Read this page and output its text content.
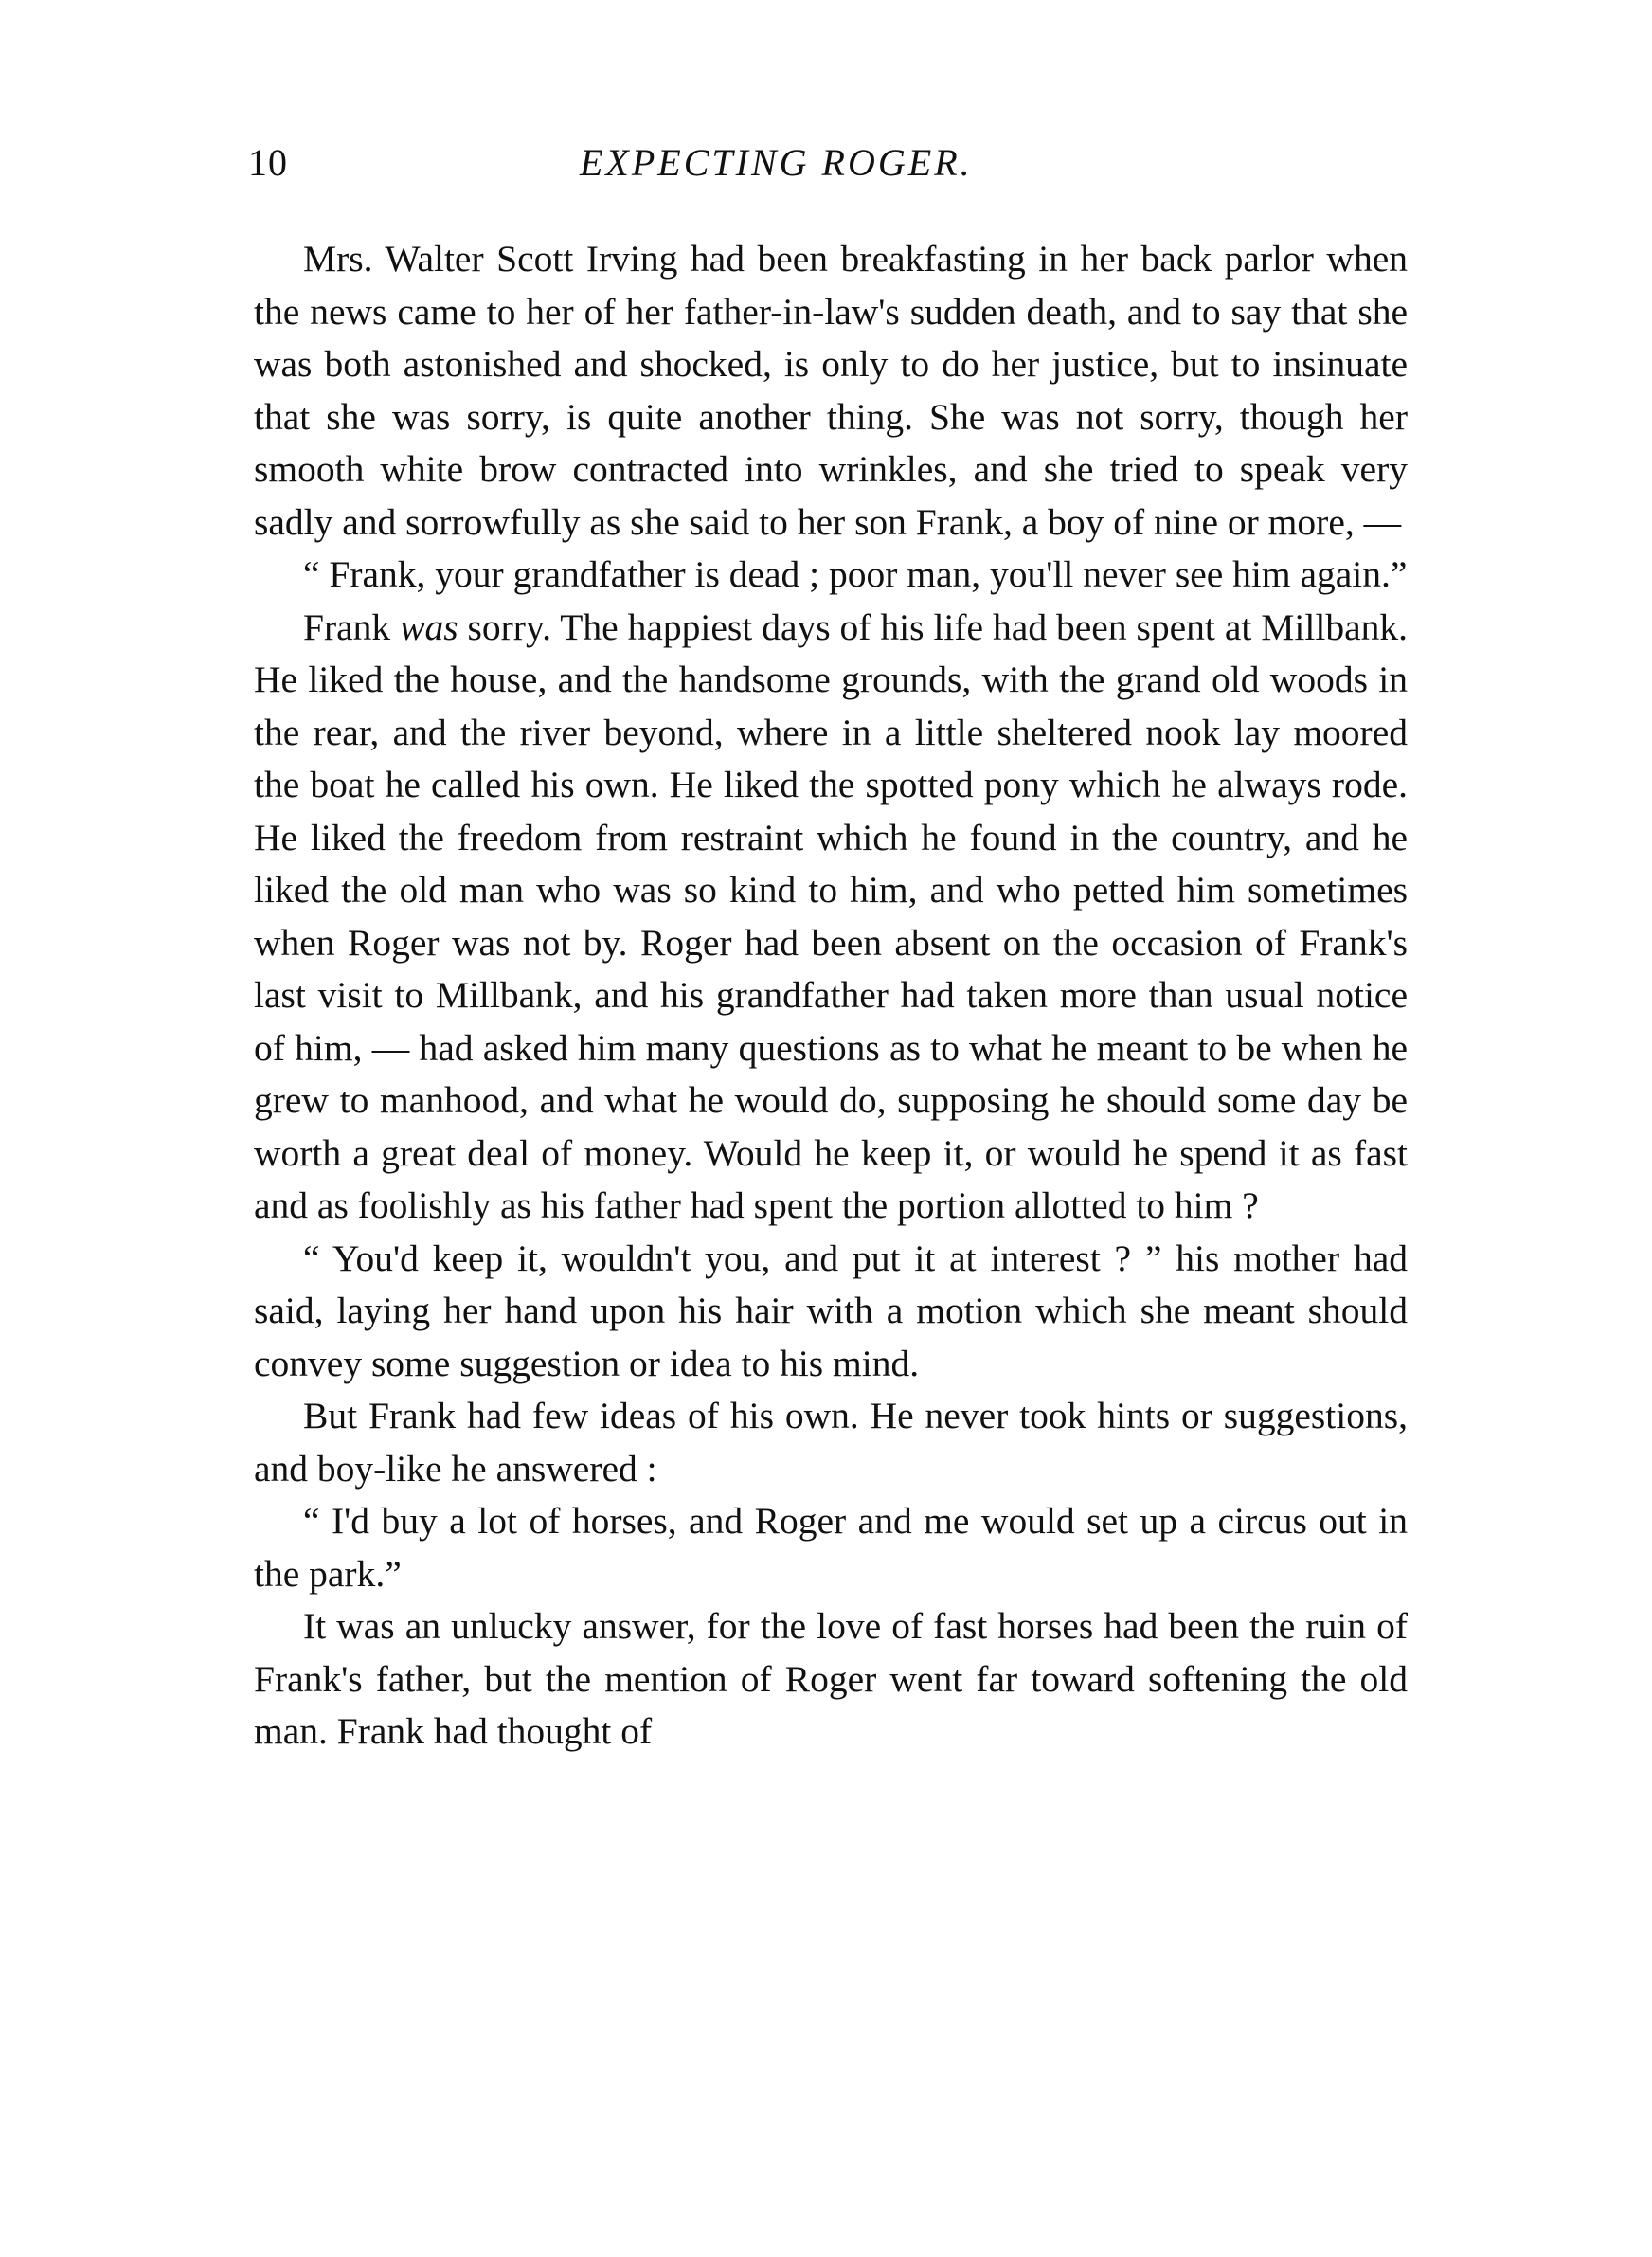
10	EXPECTING ROGER.

Mrs. Walter Scott Irving had been breakfasting in her back parlor when the news came to her of her father-in-law's sudden death, and to say that she was both astonished and shocked, is only to do her justice, but to insinuate that she was sorry, is quite another thing. She was not sorry, though her smooth white brow contracted into wrinkles, and she tried to speak very sadly and sorrowfully as she said to her son Frank, a boy of nine or more, —

“ Frank, your grandfather is dead ; poor man, you'll never see him again.”

Frank was sorry. The happiest days of his life had been spent at Millbank. He liked the house, and the handsome grounds, with the grand old woods in the rear, and the river beyond, where in a little sheltered nook lay moored the boat he called his own. He liked the spotted pony which he always rode. He liked the freedom from restraint which he found in the country, and he liked the old man who was so kind to him, and who petted him sometimes when Roger was not by. Roger had been absent on the occasion of Frank's last visit to Millbank, and his grandfather had taken more than usual notice of him, — had asked him many questions as to what he meant to be when he grew to manhood, and what he would do, supposing he should some day be worth a great deal of money. Would he keep it, or would he spend it as fast and as foolishly as his father had spent the portion allotted to him ?

“ You'd keep it, wouldn't you, and put it at interest ? ” his mother had said, laying her hand upon his hair with a motion which she meant should convey some suggestion or idea to his mind.

But Frank had few ideas of his own. He never took hints or suggestions, and boy-like he answered :

“ I'd buy a lot of horses, and Roger and me would set up a circus out in the park.”

It was an unlucky answer, for the love of fast horses had been the ruin of Frank's father, but the mention of Roger went far toward softening the old man. Frank had thought of
